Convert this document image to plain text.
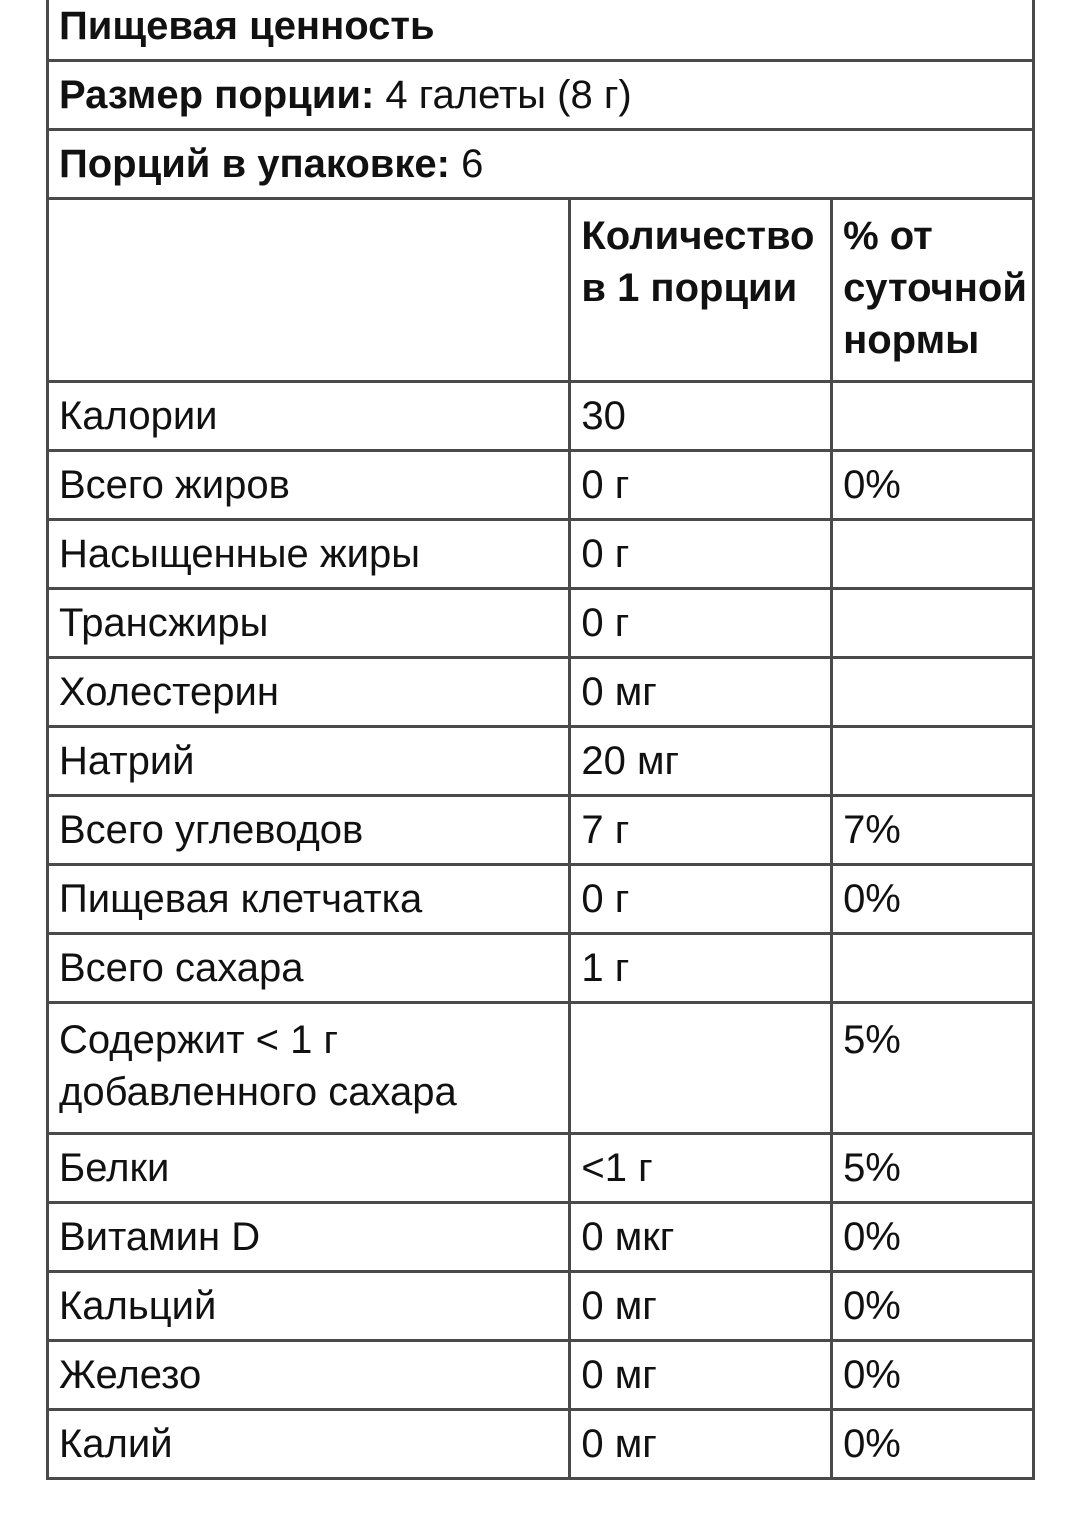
Пищевая ценность		
Размер порции: 4 галеты (8 г)		
Порций в упаковке: 6		
	Количество в 1 порции	% от суточной нормы
Калории	30	
Всего жиров	0 г	0%
Насыщенные жиры	0 г	
Трансжиры	0 г	
Холестерин	0 мг	
Натрий	20 мг	
Всего углеводов	7 г	7%
Пищевая клетчатка	0 г	0%
Всего сахара	1 г	
Содержит < 1 г добавленного сахара		5%
Белки	<1 г	5%
Витамин D	0 мкг	0%
Кальций	0 мг	0%
Железо	0 мг	0%
Калий	0 мг	0%
